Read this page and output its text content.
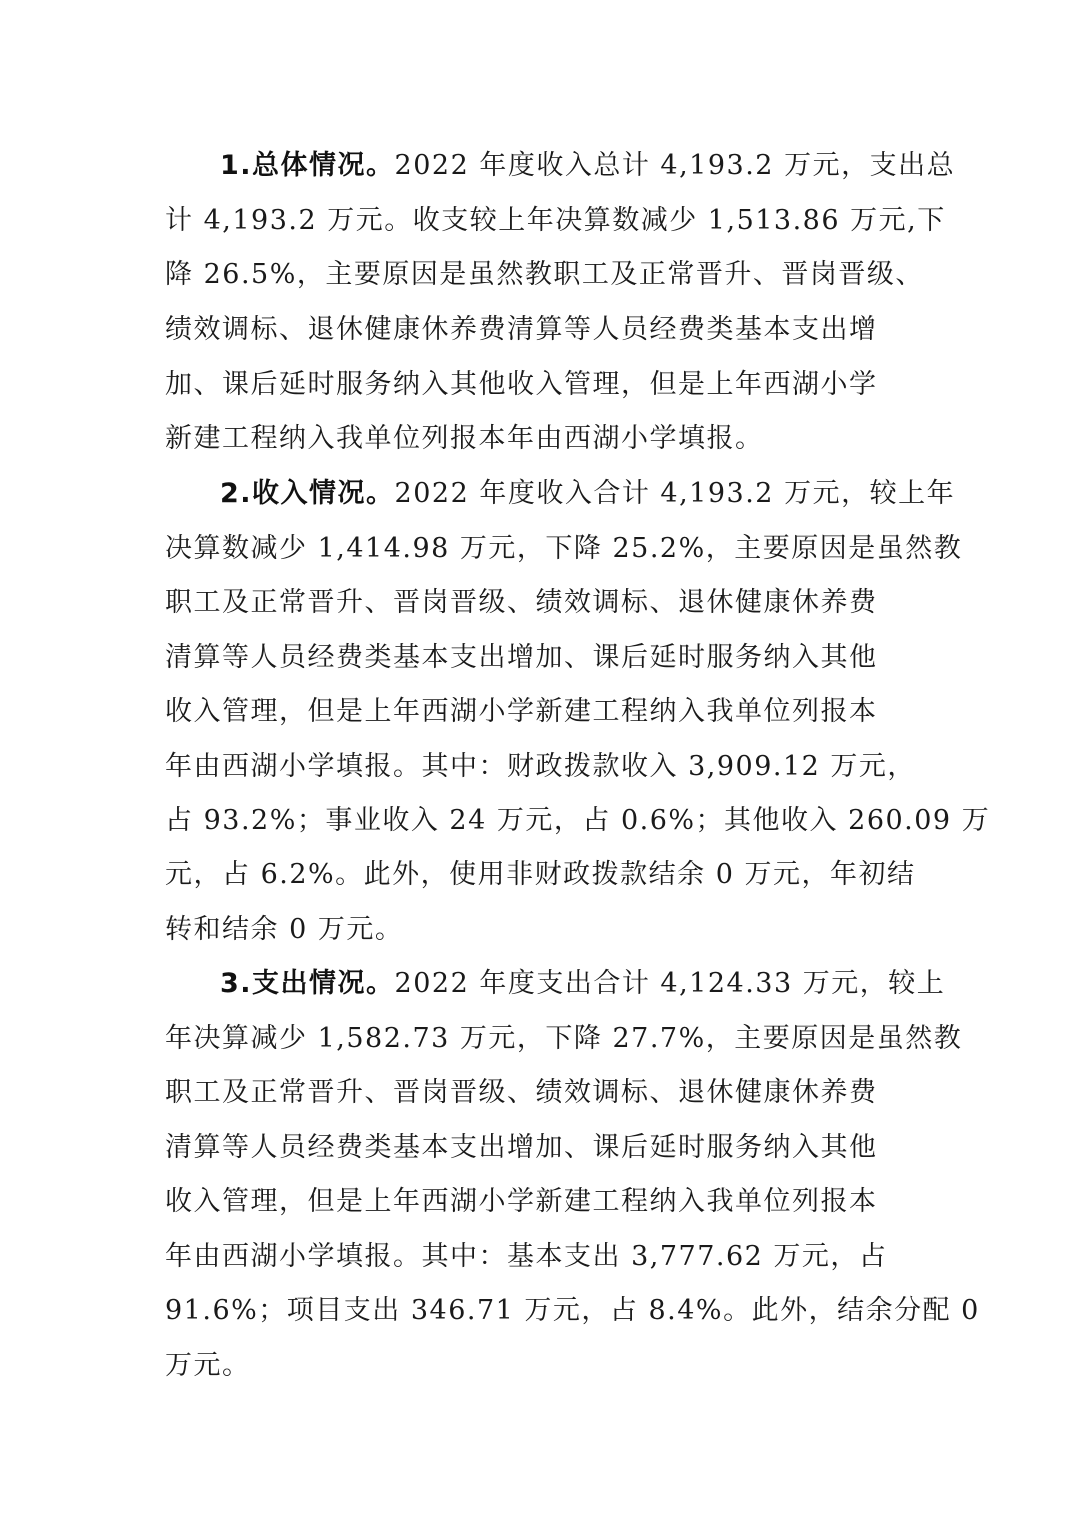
1.总体情况。2022 年度收入总计 4,193.2 万元，支出总

计 4,193.2 万元。收支较上年决算数减少 1,513.86 万元,下

降 26.5%，主要原因是虽然教职工及正常晋升、晋岗晋级、

绩效调标、退休健康休养费清算等人员经费类基本支出增

加、课后延时服务纳入其他收入管理，但是上年西湖小学

新建工程纳入我单位列报本年由西湖小学填报。

2.收入情况。2022 年度收入合计 4,193.2 万元，较上年

决算数减少 1,414.98 万元，下降 25.2%，主要原因是虽然教

职工及正常晋升、晋岗晋级、绩效调标、退休健康休养费

清算等人员经费类基本支出增加、课后延时服务纳入其他

收入管理，但是上年西湖小学新建工程纳入我单位列报本

年由西湖小学填报。其中：财政拨款收入 3,909.12 万元，

占 93.2%；事业收入 24 万元，占 0.6%；其他收入 260.09 万

元，占 6.2%。此外，使用非财政拨款结余 0 万元，年初结

转和结余 0 万元。

3.支出情况。2022 年度支出合计 4,124.33 万元，较上

年决算减少 1,582.73 万元，下降 27.7%，主要原因是虽然教

职工及正常晋升、晋岗晋级、绩效调标、退休健康休养费

清算等人员经费类基本支出增加、课后延时服务纳入其他

收入管理，但是上年西湖小学新建工程纳入我单位列报本

年由西湖小学填报。其中：基本支出 3,777.62 万元，占

91.6%；项目支出 346.71 万元，占 8.4%。此外，结余分配 0

万元。
